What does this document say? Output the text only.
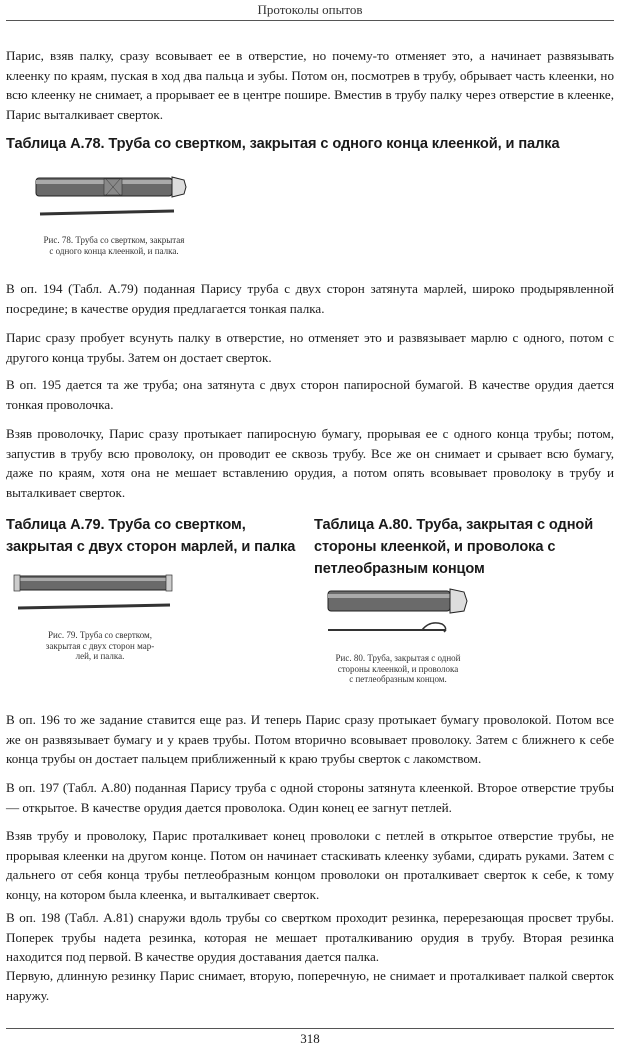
Протоколы опытов

Парис, взяв палку, сразу всовывает ее в отверстие, но почему-то отменяет это, а начинает развязывать клеенку по краям, пуская в ход два пальца и зубы. Потом он, посмотрев в трубу, обрывает часть клеенки, но всю клеенку не снимает, а прорывает ее в центре пошире. Вместив в трубу палку через отверстие в клеенке, Парис выталкивает сверток.

Таблица А.78. Труба со свертком, закрытая с одного конца клеенкой, и палка
Рис. 78. Труба со свертком, закрытая
с одного конца клеенкой, и палка.

В оп. 194 (Табл. А.79) поданная Парису труба с двух сторон затянута марлей, широко продырявленной посредине; в качестве орудия предлагается тонкая палка.

Парис сразу пробует всунуть палку в отверстие, но отменяет это и развязывает марлю с одного, потом с другого конца трубы. Затем он достает сверток.

В оп. 195 дается та же труба; она затянута с двух сторон папиросной бумагой. В качестве орудия дается тонкая проволочка.

Взяв проволочку, Парис сразу протыкает папиросную бумагу, прорывая ее с одного конца трубы; потом, запустив в трубу всю проволоку, он проводит ее сквозь трубу. Все же он снимает и срывает всю бумагу, даже по краям, хотя она не мешает вставлению орудия, а потом опять всовывает проволоку в трубу и выталкивает сверток.

Таблица А.79. Труба со свертком,
закрытая с двух сторон марлей, и палка
Рис. 79. Труба со свертком,
закрытая с двух сторон мар-
лей, и палка.
Таблица А.80. Труба, закрытая с одной
стороны клеенкой, и проволока с
петлеобразным концом
Рис. 80. Труба, закрытая с одной
стороны клеенкой, и проволока
с петлеобразным концом.

В оп. 196 то же задание ставится еще раз. И теперь Парис сразу протыкает бумагу проволокой. Потом все же он развязывает бумагу и у краев трубы. Потом вторично всовывает проволоку. Затем с ближнего к себе конца трубы он достает пальцем приближенный к краю трубы сверток с лакомством.

В оп. 197 (Табл. А.80) поданная Парису труба с одной стороны затянута клеенкой. Второе отверстие трубы — открытое. В качестве орудия дается проволока. Один конец ее загнут петлей.

Взяв трубу и проволоку, Парис проталкивает конец проволоки с петлей в открытое отверстие трубы, не прорывая клеенки на другом конце. Потом он начинает стаскивать клеенку зубами, сдирать руками. Затем с дальнего от себя конца трубы петлеобразным концом проволоки он проталкивает сверток к себе, к тому концу, на котором была клеенка, и выталкивает сверток.

В оп. 198 (Табл. А.81) снаружи вдоль трубы со свертком проходит резинка, перерезающая просвет трубы. Поперек трубы надета резинка, которая не мешает проталкиванию орудия в трубу. Вторая резинка находится под первой. В качестве орудия доставания дается палка.

Первую, длинную резинку Парис снимает, вторую, поперечную, не снимает и проталкивает палкой сверток наружу.

318
